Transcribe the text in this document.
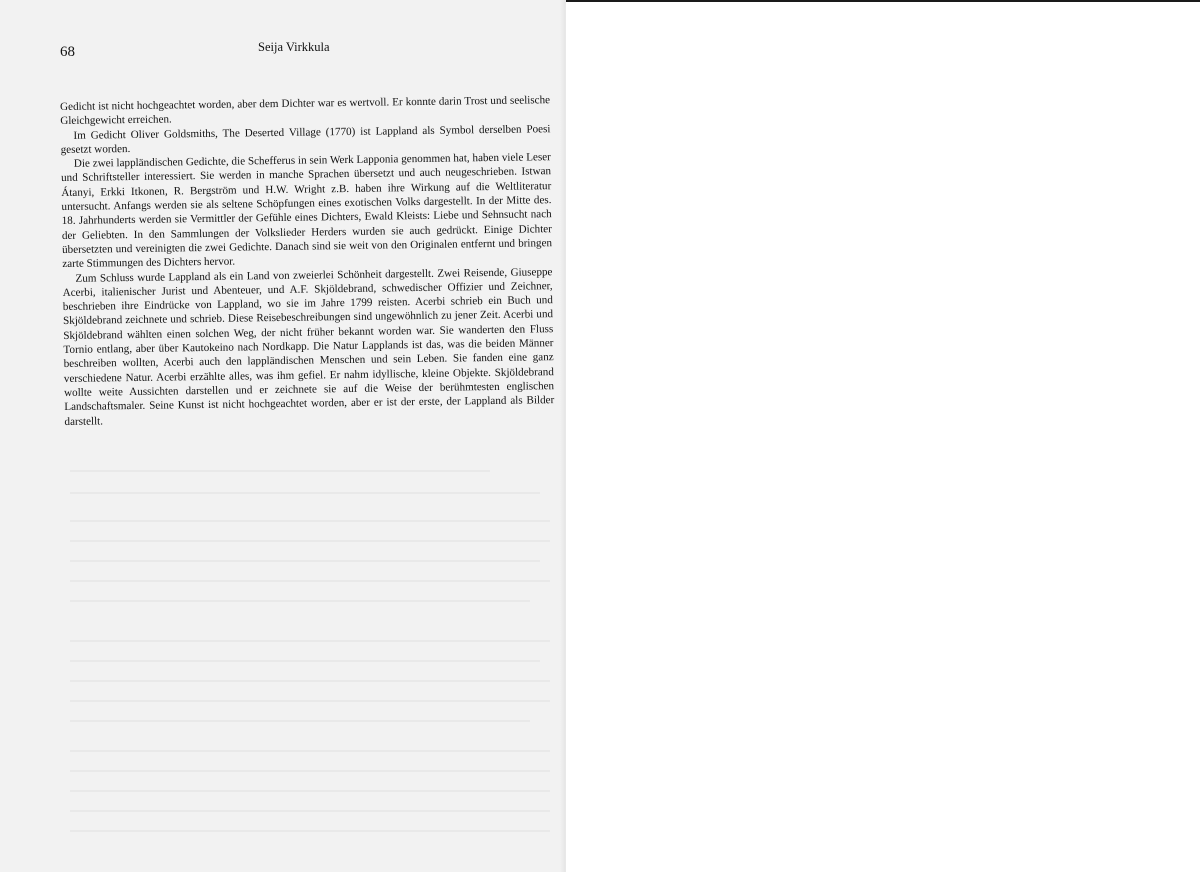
68	Seija Virkkula

Gedicht ist nicht hochgeachtet worden, aber dem Dichter war es wertvoll. Er konnte darin Trost und seelische Gleichgewicht erreichen.

Im Gedicht Oliver Goldsmiths, The Deserted Village (1770) ist Lappland als Symbol derselben Poesi gesetzt worden.

Die zwei lappländischen Gedichte, die Schefferus in sein Werk Lapponia genommen hat, haben viele Leser und Schriftsteller interessiert. Sie werden in manche Sprachen übersetzt und auch neugeschrieben. Istwan Átanyi, Erkki Itkonen, R. Bergström und H.W. Wright z.B. haben ihre Wirkung auf die Weltliteratur untersucht. Anfangs werden sie als seltene Schöpfungen eines exotischen Volks dargestellt. In der Mitte des. 18. Jahrhunderts werden sie Vermittler der Gefühle eines Dichters, Ewald Kleists: Liebe und Sehnsucht nach der Geliebten. In den Sammlungen der Volkslieder Herders wurden sie auch gedrückt. Einige Dichter übersetzten und vereinigten die zwei Gedichte. Danach sind sie weit von den Originalen entfernt und bringen zarte Stimmungen des Dichters hervor.

Zum Schluss wurde Lappland als ein Land von zweierlei Schönheit dargestellt. Zwei Reisende, Giuseppe Acerbi, italienischer Jurist und Abenteuer, und A.F. Skjöldebrand, schwedischer Offizier und Zeichner, beschrieben ihre Eindrücke von Lappland, wo sie im Jahre 1799 reisten. Acerbi schrieb ein Buch und Skjöldebrand zeichnete und schrieb. Diese Reisebeschreibungen sind ungewöhnlich zu jener Zeit. Acerbi und Skjöldebrand wählten einen solchen Weg, der nicht früher bekannt worden war. Sie wanderten den Fluss Tornio entlang, aber über Kautokeino nach Nordkapp. Die Natur Lapplands ist das, was die beiden Männer beschreiben wollten, Acerbi auch den lappländischen Menschen und sein Leben. Sie fanden eine ganz verschiedene Natur. Acerbi erzählte alles, was ihm gefiel. Er nahm idyllische, kleine Objekte. Skjöldebrand wollte weite Aussichten darstellen und er zeichnete sie auf die Weise der berühmtesten englischen Landschaftsmaler. Seine Kunst ist nicht hochgeachtet worden, aber er ist der erste, der Lappland als Bilder darstellt.
